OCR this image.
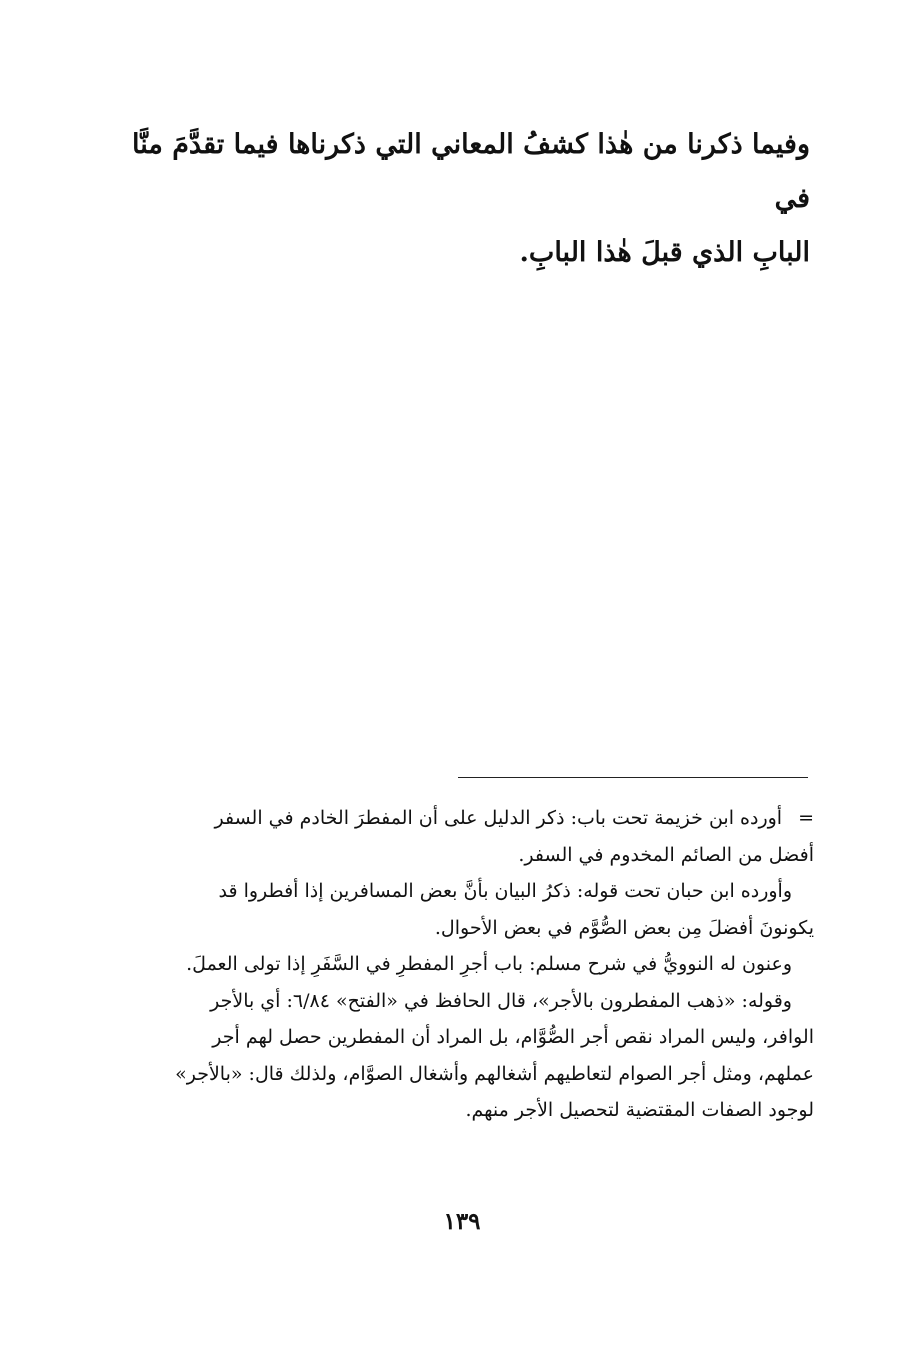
وفيما ذكرنا من هٰذا كشفُ المعاني التي ذكرناها فيما تقدَّمَ منَّا في

البابِ الذي قبلَ هٰذا البابِ.

=أورده ابن خزيمة تحت باب: ذكر الدليل على أن المفطرَ الخادم في السفر
أفضل من الصائم المخدوم في السفر.

وأورده ابن حبان تحت قوله: ذكرُ البيان بأنَّ بعض المسافرين إذا أفطروا قد
يكونونَ أفضلَ مِن بعض الصُّوَّم في بعض الأحوال.

وعنون له النوويُّ في شرح مسلم: باب أجرِ المفطرِ في السَّفَرِ إذا تولى العملَ.

وقوله: «ذهب المفطرون بالأجر»، قال الحافظ في «الفتح» ٦/٨٤: أي بالأجر
الوافر، وليس المراد نقص أجر الصُّوَّام، بل المراد أن المفطرين حصل لهم أجر
عملهم، ومثل أجر الصوام لتعاطيهم أشغالهم وأشغال الصوَّام، ولذلك قال: «بالأجر»
لوجود الصفات المقتضية لتحصيل الأجر منهم.

١٣٩
